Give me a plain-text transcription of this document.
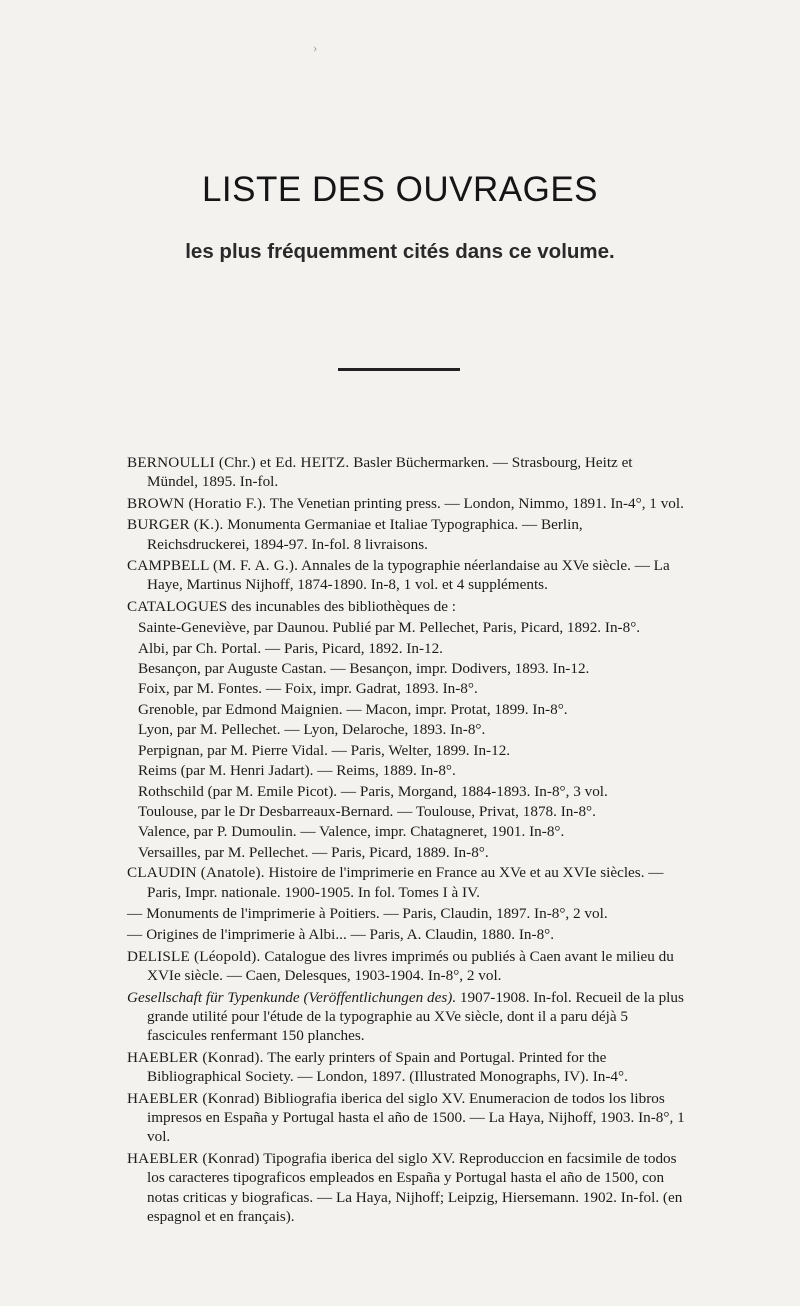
›
LISTE DES OUVRAGES
les plus fréquemment cités dans ce volume.
BERNOULLI (Chr.) et Ed. HEITZ. Basler Büchermarken. — Strasbourg, Heitz et Mündel, 1895. In-fol.
BROWN (Horatio F.). The Venetian printing press. — London, Nimmo, 1891. In-4°, 1 vol.
BURGER (K.). Monumenta Germaniae et Italiae Typographica. — Berlin, Reichsdruckerei, 1894-97. In-fol. 8 livraisons.
CAMPBELL (M. F. A. G.). Annales de la typographie néerlandaise au XVe siècle. — La Haye, Martinus Nijhoff, 1874-1890. In-8, 1 vol. et 4 suppléments.
CATALOGUES des incunables des bibliothèques de :
Sainte-Geneviève, par Daunou. Publié par M. Pellechet, Paris, Picard, 1892. In-8°.
Albi, par Ch. Portal. — Paris, Picard, 1892. In-12.
Besançon, par Auguste Castan. — Besançon, impr. Dodivers, 1893. In-12.
Foix, par M. Fontes. — Foix, impr. Gadrat, 1893. In-8°.
Grenoble, par Edmond Maignien. — Macon, impr. Protat, 1899. In-8°.
Lyon, par M. Pellechet. — Lyon, Delaroche, 1893. In-8°.
Perpignan, par M. Pierre Vidal. — Paris, Welter, 1899. In-12.
Reims (par M. Henri Jadart). — Reims, 1889. In-8°.
Rothschild (par M. Emile Picot). — Paris, Morgand, 1884-1893. In-8°, 3 vol.
Toulouse, par le Dr Desbarreaux-Bernard. — Toulouse, Privat, 1878. In-8°.
Valence, par P. Dumoulin. — Valence, impr. Chatagneret, 1901. In-8°.
Versailles, par M. Pellechet. — Paris, Picard, 1889. In-8°.
CLAUDIN (Anatole). Histoire de l'imprimerie en France au XVe et au XVIe siècles. — Paris, Impr. nationale. 1900-1905. In fol. Tomes I à IV.
— Monuments de l'imprimerie à Poitiers. — Paris, Claudin, 1897. In-8°, 2 vol.
— Origines de l'imprimerie à Albi... — Paris, A. Claudin, 1880. In-8°.
DELISLE (Léopold). Catalogue des livres imprimés ou publiés à Caen avant le milieu du XVIe siècle. — Caen, Delesques, 1903-1904. In-8°, 2 vol.
Gesellschaft für Typenkunde (Veröffentlichungen des). 1907-1908. In-fol. Recueil de la plus grande utilité pour l'étude de la typographie au XVe siècle, dont il a paru déjà 5 fascicules renfermant 150 planches.
HAEBLER (Konrad). The early printers of Spain and Portugal. Printed for the Bibliographical Society. — London, 1897. (Illustrated Monographs, IV). In-4°.
HAEBLER (Konrad) Bibliografia iberica del siglo XV. Enumeracion de todos los libros impresos en España y Portugal hasta el año de 1500. — La Haya, Nijhoff, 1903. In-8°, 1 vol.
HAEBLER (Konrad) Tipografia iberica del siglo XV. Reproduccion en facsimile de todos los caracteres tipograficos empleados en España y Portugal hasta el año de 1500, con notas criticas y biograficas. — La Haya, Nijhoff; Leipzig, Hiersemann. 1902. In-fol. (en espagnol et en français).
